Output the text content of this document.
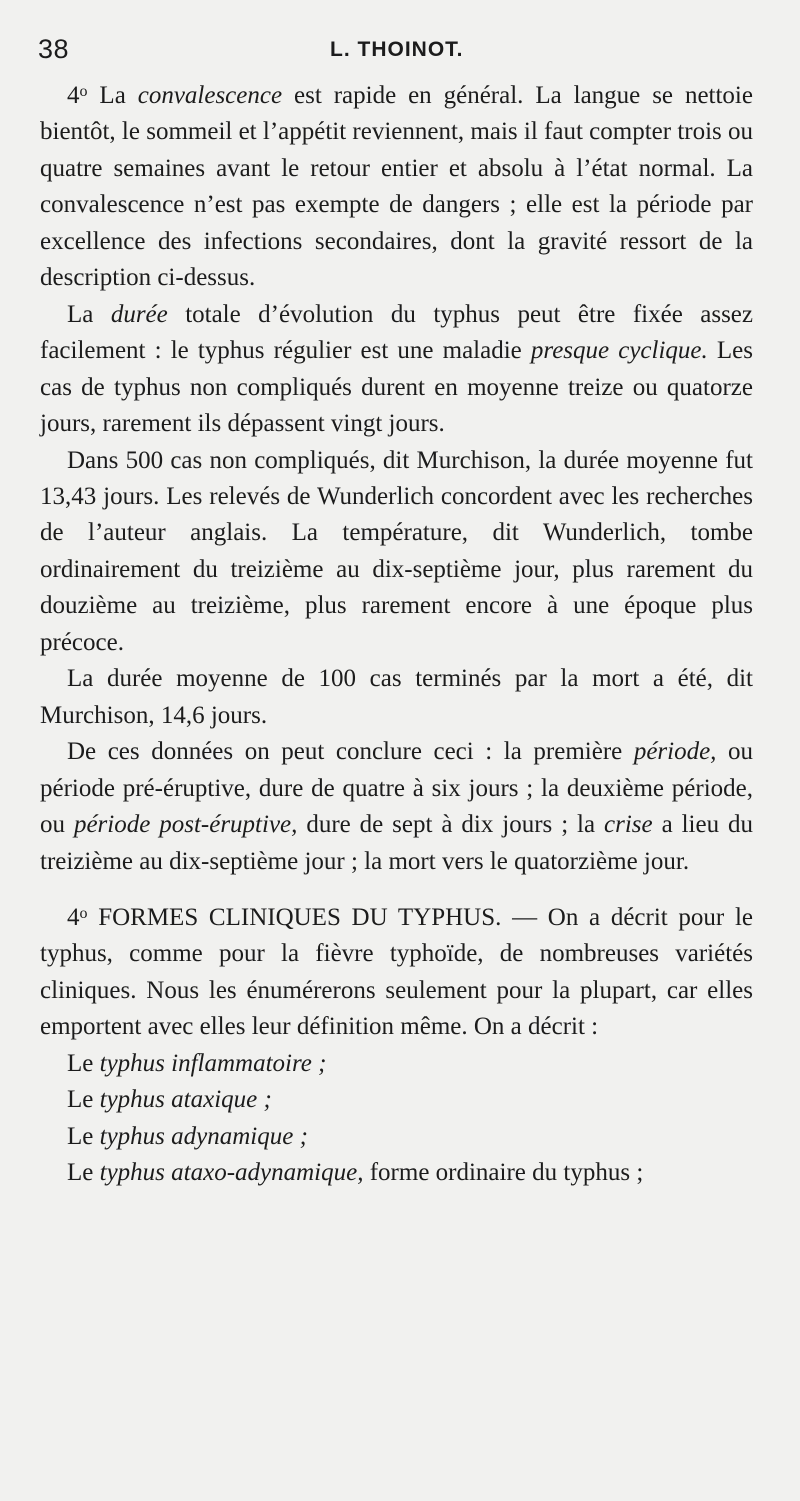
38	L. THOINOT.

4$^o$ La convalescence est rapide en général. La langue se nettoie bientôt, le sommeil et l’appétit reviennent, mais il faut compter trois ou quatre semaines avant le retour entier et absolu à l’état normal. La convalescence n’est pas exempte de dangers ; elle est la période par excellence des infections secondaires, dont la gravité ressort de la description ci-dessus.

La durée totale d’évolution du typhus peut être fixée assez facilement : le typhus régulier est une maladie presque cyclique. Les cas de typhus non compliqués durent en moyenne treize ou quatorze jours, rarement ils dépassent vingt jours.

Dans 500 cas non compliqués, dit Murchison, la durée moyenne fut 13,43 jours. Les relevés de Wunderlich concordent avec les recherches de l’auteur anglais. La température, dit Wunderlich, tombe ordinairement du treizième au dix-septième jour, plus rarement du douzième au treizième, plus rarement encore à une époque plus précoce.

La durée moyenne de 100 cas terminés par la mort a été, dit Murchison, 14,6 jours.

De ces données on peut conclure ceci : la première période, ou période pré-éruptive, dure de quatre à six jours ; la deuxième période, ou période post-éruptive, dure de sept à dix jours ; la crise a lieu du treizième au dix-septième jour ; la mort vers le quatorzième jour.

4$^o$ FORMES CLINIQUES DU TYPHUS. — On a décrit pour le typhus, comme pour la fièvre typhoïde, de nombreuses variétés cliniques. Nous les énumérerons seulement pour la plupart, car elles emportent avec elles leur définition même. On a décrit :

Le typhus inflammatoire ;

Le typhus ataxique ;

Le typhus adynamique ;

Le typhus ataxo-adynamique, forme ordinaire du typhus ;
